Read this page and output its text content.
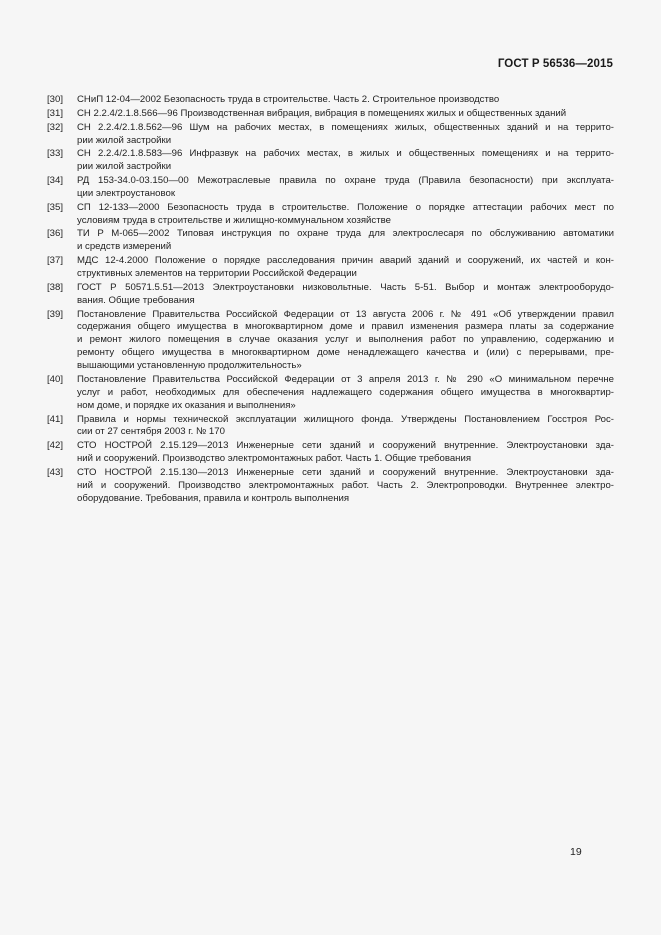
ГОСТ Р 56536—2015
[30]	СНиП 12-04—2002 Безопасность труда в строительстве. Часть 2. Строительное производство
[31]	СН 2.2.4/2.1.8.566—96 Производственная вибрация, вибрация в помещениях жилых и общественных зданий
[32]	СН 2.2.4/2.1.8.562—96 Шум на рабочих местах, в помещениях жилых, общественных зданий и на террито-
рии жилой застройки
[33]	СН 2.2.4/2.1.8.583—96 Инфразвук на рабочих местах, в жилых и общественных помещениях и на террито-
рии жилой застройки
[34]	РД 153-34.0-03.150—00 Межотраслевые правила по охране труда (Правила безопасности) при эксплуата-
ции электроустановок
[35]	СП 12-133—2000 Безопасность труда в строительстве. Положение о порядке аттестации рабочих мест по
условиям труда в строительстве и жилищно-коммунальном хозяйстве
[36]	ТИ Р М-065—2002 Типовая инструкция по охране труда для электрослесаря по обслуживанию автоматики
и средств измерений
[37]	МДС 12-4.2000 Положение о порядке расследования причин аварий зданий и сооружений, их частей и кон-
структивных элементов на территории Российской Федерации
[38]	ГОСТ Р 50571.5.51—2013 Электроустановки низковольтные. Часть 5-51. Выбор и монтаж электрооборудо-
вания. Общие требования
[39]	Постановление Правительства Российской Федерации от 13 августа 2006 г. № 491 «Об утверждении правил
содержания общего имущества в многоквартирном доме и правил изменения размера платы за содержание
и ремонт жилого помещения в случае оказания услуг и выполнения работ по управлению, содержанию и
ремонту общего имущества в многоквартирном доме ненадлежащего качества и (или) с перерывами, пре-
вышающими установленную продолжительность»
[40]	Постановление Правительства Российской Федерации от 3 апреля 2013 г. № 290 «О минимальном перечне
услуг и работ, необходимых для обеспечения надлежащего содержания общего имущества в многоквартир-
ном доме, и порядке их оказания и выполнения»
[41]	Правила и нормы технической эксплуатации жилищного фонда. Утверждены Постановлением Госстроя Рос-
сии от 27 сентября 2003 г. № 170
[42]	СТО НОСТРОЙ 2.15.129—2013 Инженерные сети зданий и сооружений внутренние. Электроустановки зда-
ний и сооружений. Производство электромонтажных работ. Часть 1. Общие требования
[43]	СТО НОСТРОЙ 2.15.130—2013 Инженерные сети зданий и сооружений внутренние. Электроустановки зда-
ний и сооружений. Производство электромонтажных работ. Часть 2. Электропроводки. Внутреннее электро-
оборудование. Требования, правила и контроль выполнения
19
